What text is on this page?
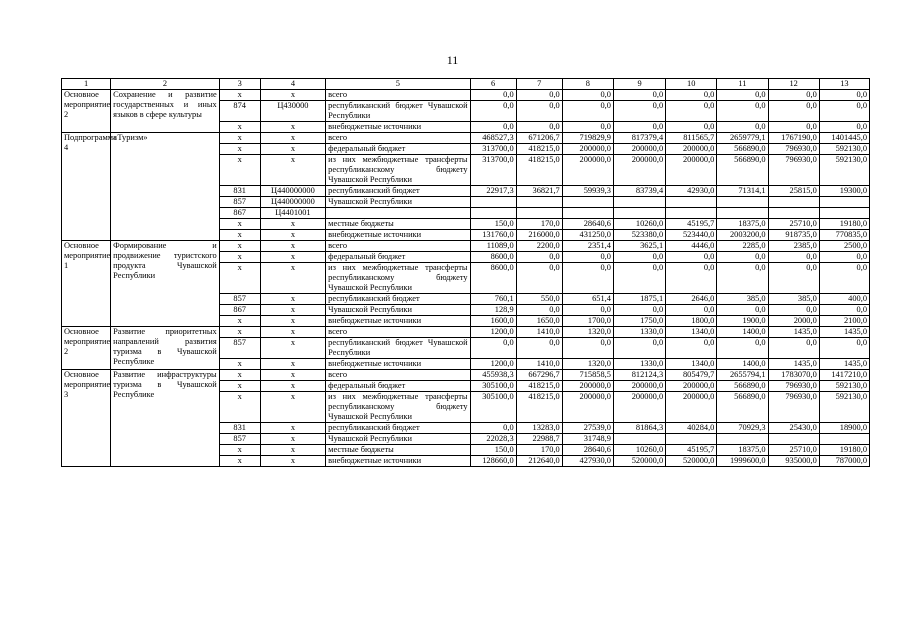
11
1	2	3	4	5	6	7	8	9	10	11	12	13
Основное мероприятие 2	Сохранение и развитие государственных и иных языков в сфере культуры	x	x	всего	0,0	0,0	0,0	0,0	0,0	0,0	0,0	0,0
		874	Ц430000	республиканский бюджет Чувашской Республики	0,0	0,0	0,0	0,0	0,0	0,0	0,0	0,0
		x	x	внебюджетные источники	0,0	0,0	0,0	0,0	0,0	0,0	0,0	0,0
Подпрограмма 4	«Туризм»	x	x	всего	468527,3	671206,7	719829,9	817379,4	811565,7	2659779,1	1767190,0	1401445,0
		x	x	федеральный бюджет	313700,0	418215,0	200000,0	200000,0	200000,0	566890,0	796930,0	592130,0
		x	x	из них межбюджетные трансферты республиканскому бюджету Чувашской Республики	313700,0	418215,0	200000,0	200000,0	200000,0	566890,0	796930,0	592130,0
		831	Ц440000000	республиканский бюджет	22917,3	36821,7	59939,3	83739,4	42930,0	71314,1	25815,0	19300,0
		857	Ц440000000	Чувашской Республики								
		867	Ц4401001									
		x	x	местные бюджеты	150,0	170,0	28640,6	10260,0	45195,7	18375,0	25710,0	19180,0
		x	x	внебюджетные источники	131760,0	216000,0	431250,0	523380,0	523440,0	2003200,0	918735,0	770835,0
Основное мероприятие 1	Формирование и продвижение туристского продукта Чувашской Республики	x	x	всего	11089,0	2200,0	2351,4	3625,1	4446,0	2285,0	2385,0	2500,0
		x	x	федеральный бюджет	8600,0	0,0	0,0	0,0	0,0	0,0	0,0	0,0
		x	x	из них межбюджетные трансферты республиканскому бюджету Чувашской Республики	8600,0	0,0	0,0	0,0	0,0	0,0	0,0	0,0
		857	x	республиканский бюджет	760,1	550,0	651,4	1875,1	2646,0	385,0	385,0	400,0
		867	x	Чувашской Республики	128,9	0,0	0,0	0,0	0,0	0,0	0,0	0,0
		x	x	внебюджетные источники	1600,0	1650,0	1700,0	1750,0	1800,0	1900,0	2000,0	2100,0
Основное мероприятие 2	Развитие приоритетных направлений развития туризма в Чувашской Республике	x	x	всего	1200,0	1410,0	1320,0	1330,0	1340,0	1400,0	1435,0	1435,0
		857	x	республиканский бюджет Чувашской Республики	0,0	0,0	0,0	0,0	0,0	0,0	0,0	0,0
		x	x	внебюджетные источники	1200,0	1410,0	1320,0	1330,0	1340,0	1400,0	1435,0	1435,0
Основное мероприятие 3	Развитие инфраструктуры туризма в Чувашской Республике	x	x	всего	455938,3	667296,7	715858,5	812124,3	805479,7	2655794,1	1783070,0	1417210,0
		x	x	федеральный бюджет	305100,0	418215,0	200000,0	200000,0	200000,0	566890,0	796930,0	592130,0
		x	x	из них межбюджетные трансферты республиканскому бюджету Чувашской Республики	305100,0	418215,0	200000,0	200000,0	200000,0	566890,0	796930,0	592130,0
		831	x	республиканский бюджет	0,0	13283,0	27539,0	81864,3	40284,0	70929,3	25430,0	18900,0
		857	x	Чувашской Республики	22028,3	22988,7	31748,9					
		x	x	местные бюджеты	150,0	170,0	28640,6	10260,0	45195,7	18375,0	25710,0	19180,0
		x	x	внебюджетные источники	128660,0	212640,0	427930,0	520000,0	520000,0	1999600,0	935000,0	787000,0
